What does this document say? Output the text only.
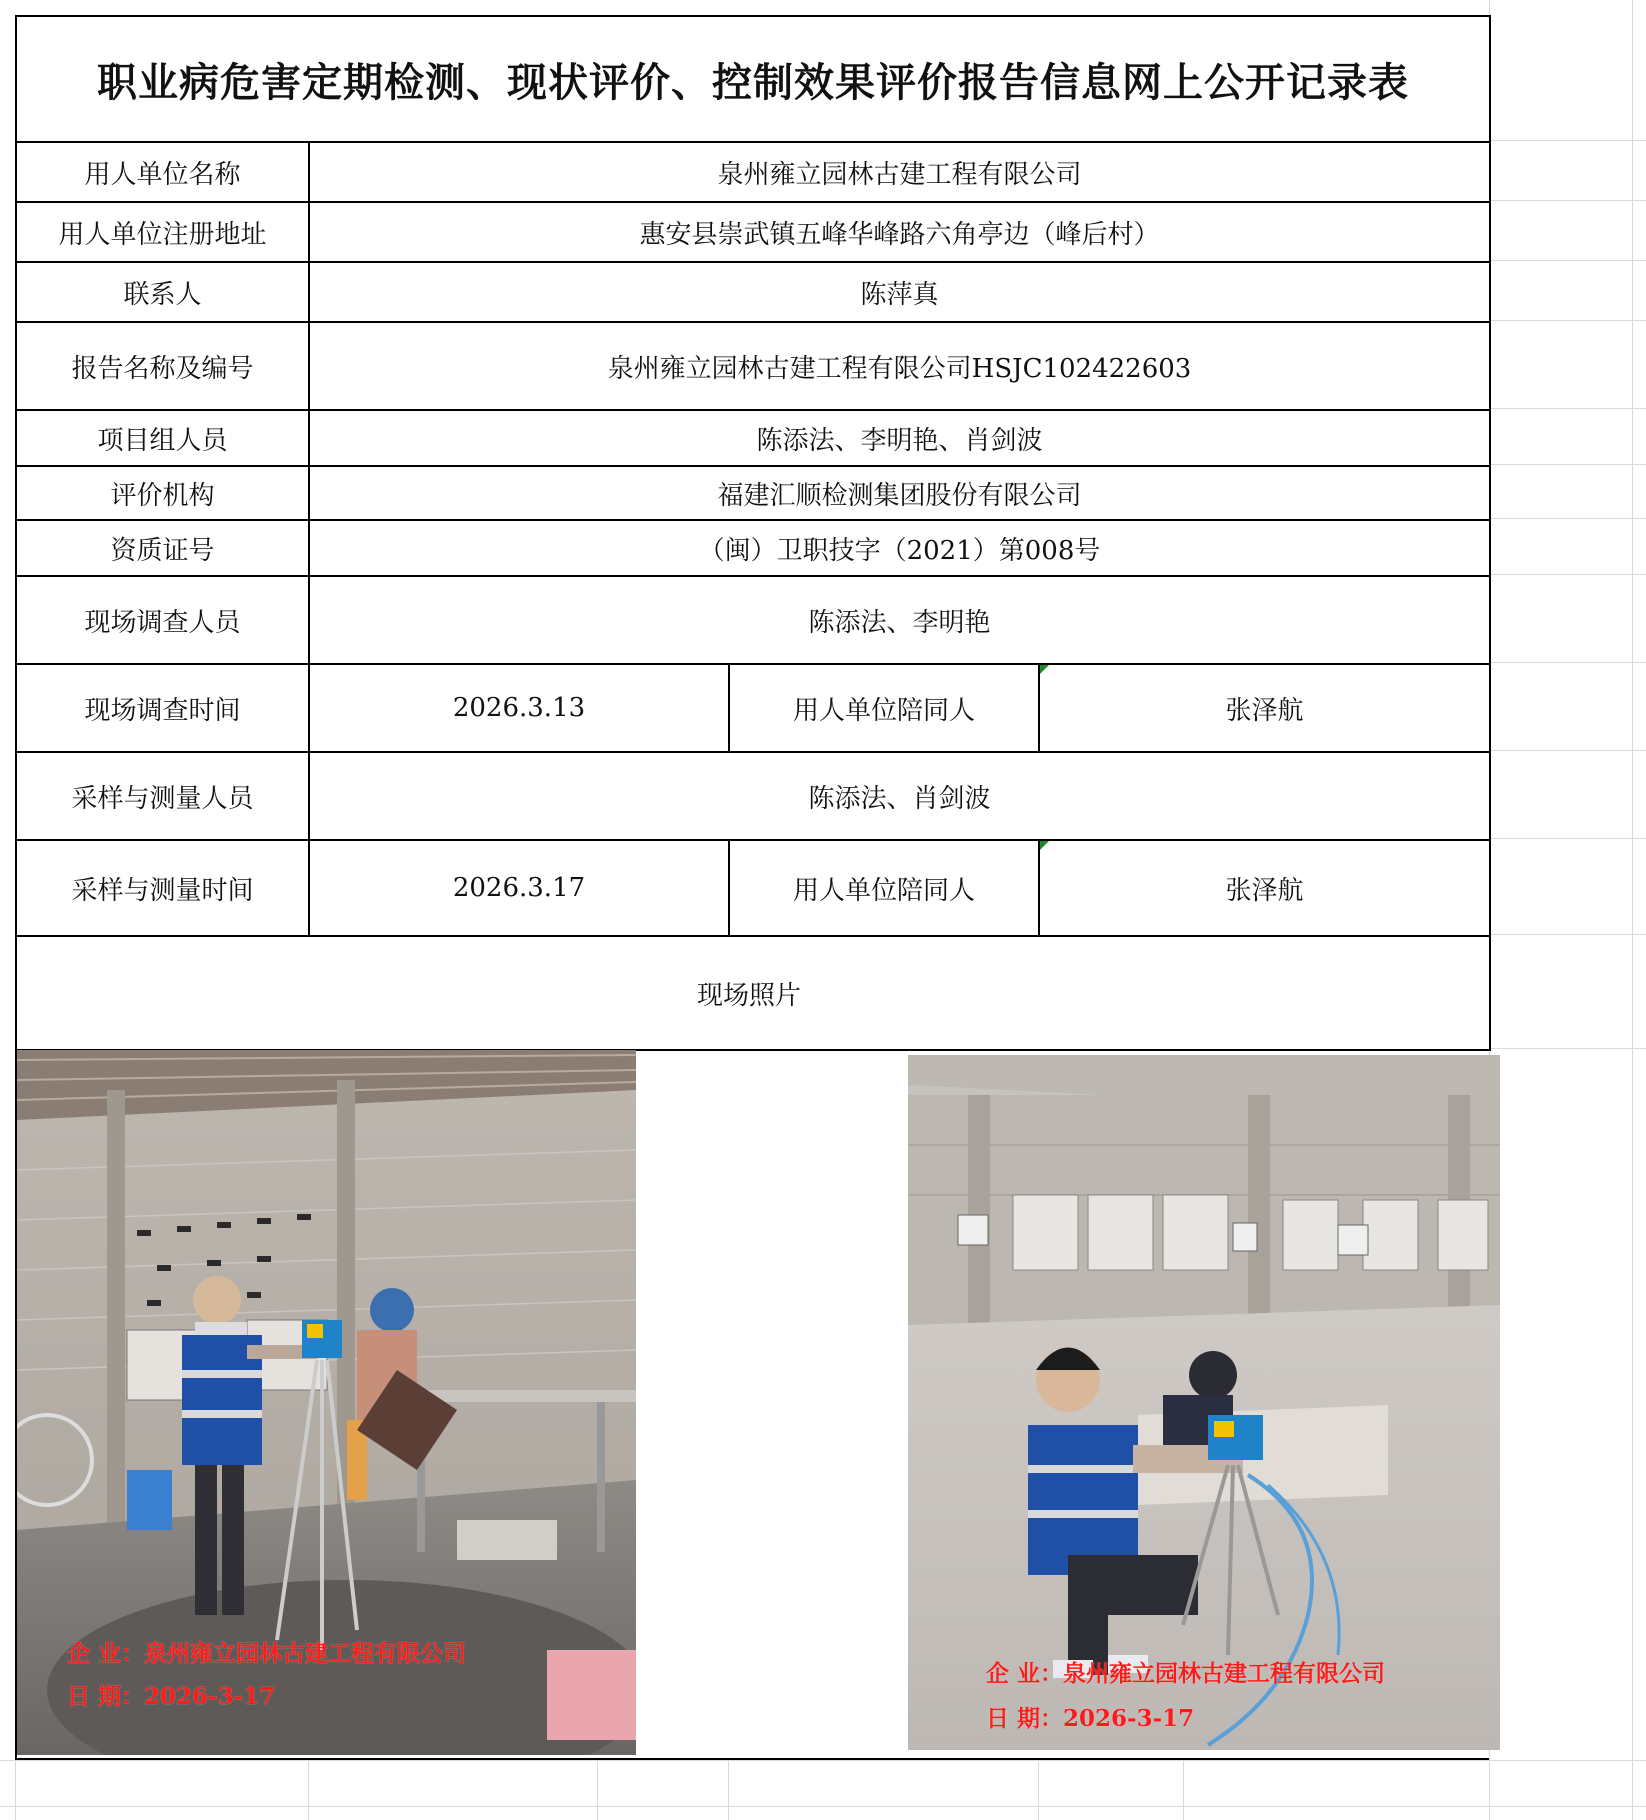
职业病危害定期检测、现状评价、控制效果评价报告信息网上公开记录表			
用人单位名称	泉州雍立园林古建工程有限公司		
用人单位注册地址	惠安县崇武镇五峰华峰路六角亭边（峰后村）		
联系人	陈萍真		
报告名称及编号	泉州雍立园林古建工程有限公司HSJC102422603		
项目组人员	陈添法、李明艳、肖剑波		
评价机构	福建汇顺检测集团股份有限公司		
资质证号	（闽）卫职技字（2021）第008号		
现场调查人员	陈添法、李明艳		
现场调查时间	2026.3.13	用人单位陪同人	张泽航
采样与测量人员	陈添法、肖剑波		
采样与测量时间	2026.3.17	用人单位陪同人	张泽航
现场照片			
企 业：泉州雍立园林古建工程有限公司
日 期：2026-3-17
企 业：泉州雍立园林古建工程有限公司
日 期：2026-3-17
